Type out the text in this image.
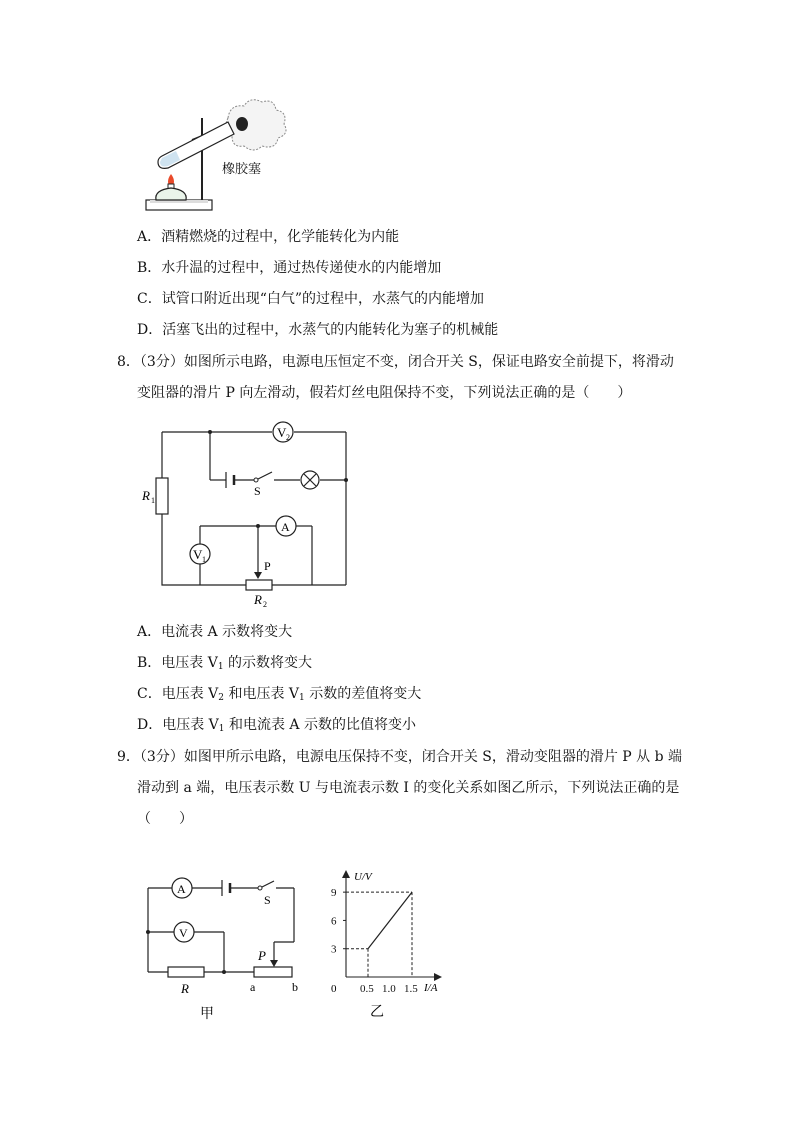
橡胶塞
A．酒精燃烧的过程中，化学能转化为内能
B．水升温的过程中，通过热传递使水的内能增加
C．试管口附近出现“白气”的过程中，水蒸气的内能增加
D．活塞飞出的过程中，水蒸气的内能转化为塞子的机械能
8．（3分）如图所示电路，电源电压恒定不变，闭合开关 S，保证电路安全前提下，将滑动
变阻器的滑片 P 向左滑动，假若灯丝电阻保持不变，下列说法正确的是（　　）
V 2
A
V 1
S
P
R 1
R 2
A．电流表 A 示数将变大
B．电压表 $V_1$ 的示数将变大
C．电压表 $V_2$ 和电压表 $V_1$ 示数的差值将变大
D．电压表 $V_1$ 和电流表 A 示数的比值将变小
9．（3分）如图甲所示电路，电源电压保持不变，闭合开关 S，滑动变阻器的滑片 P 从 b 端
滑动到 a 端，电压表示数 U 与电流表示数 I 的变化关系如图乙所示，下列说法正确的是
（　　）
A
S
V
P
R	a	b
甲
9
6
3
0.5 1.0 1.5
U/V
I/A
0
乙
